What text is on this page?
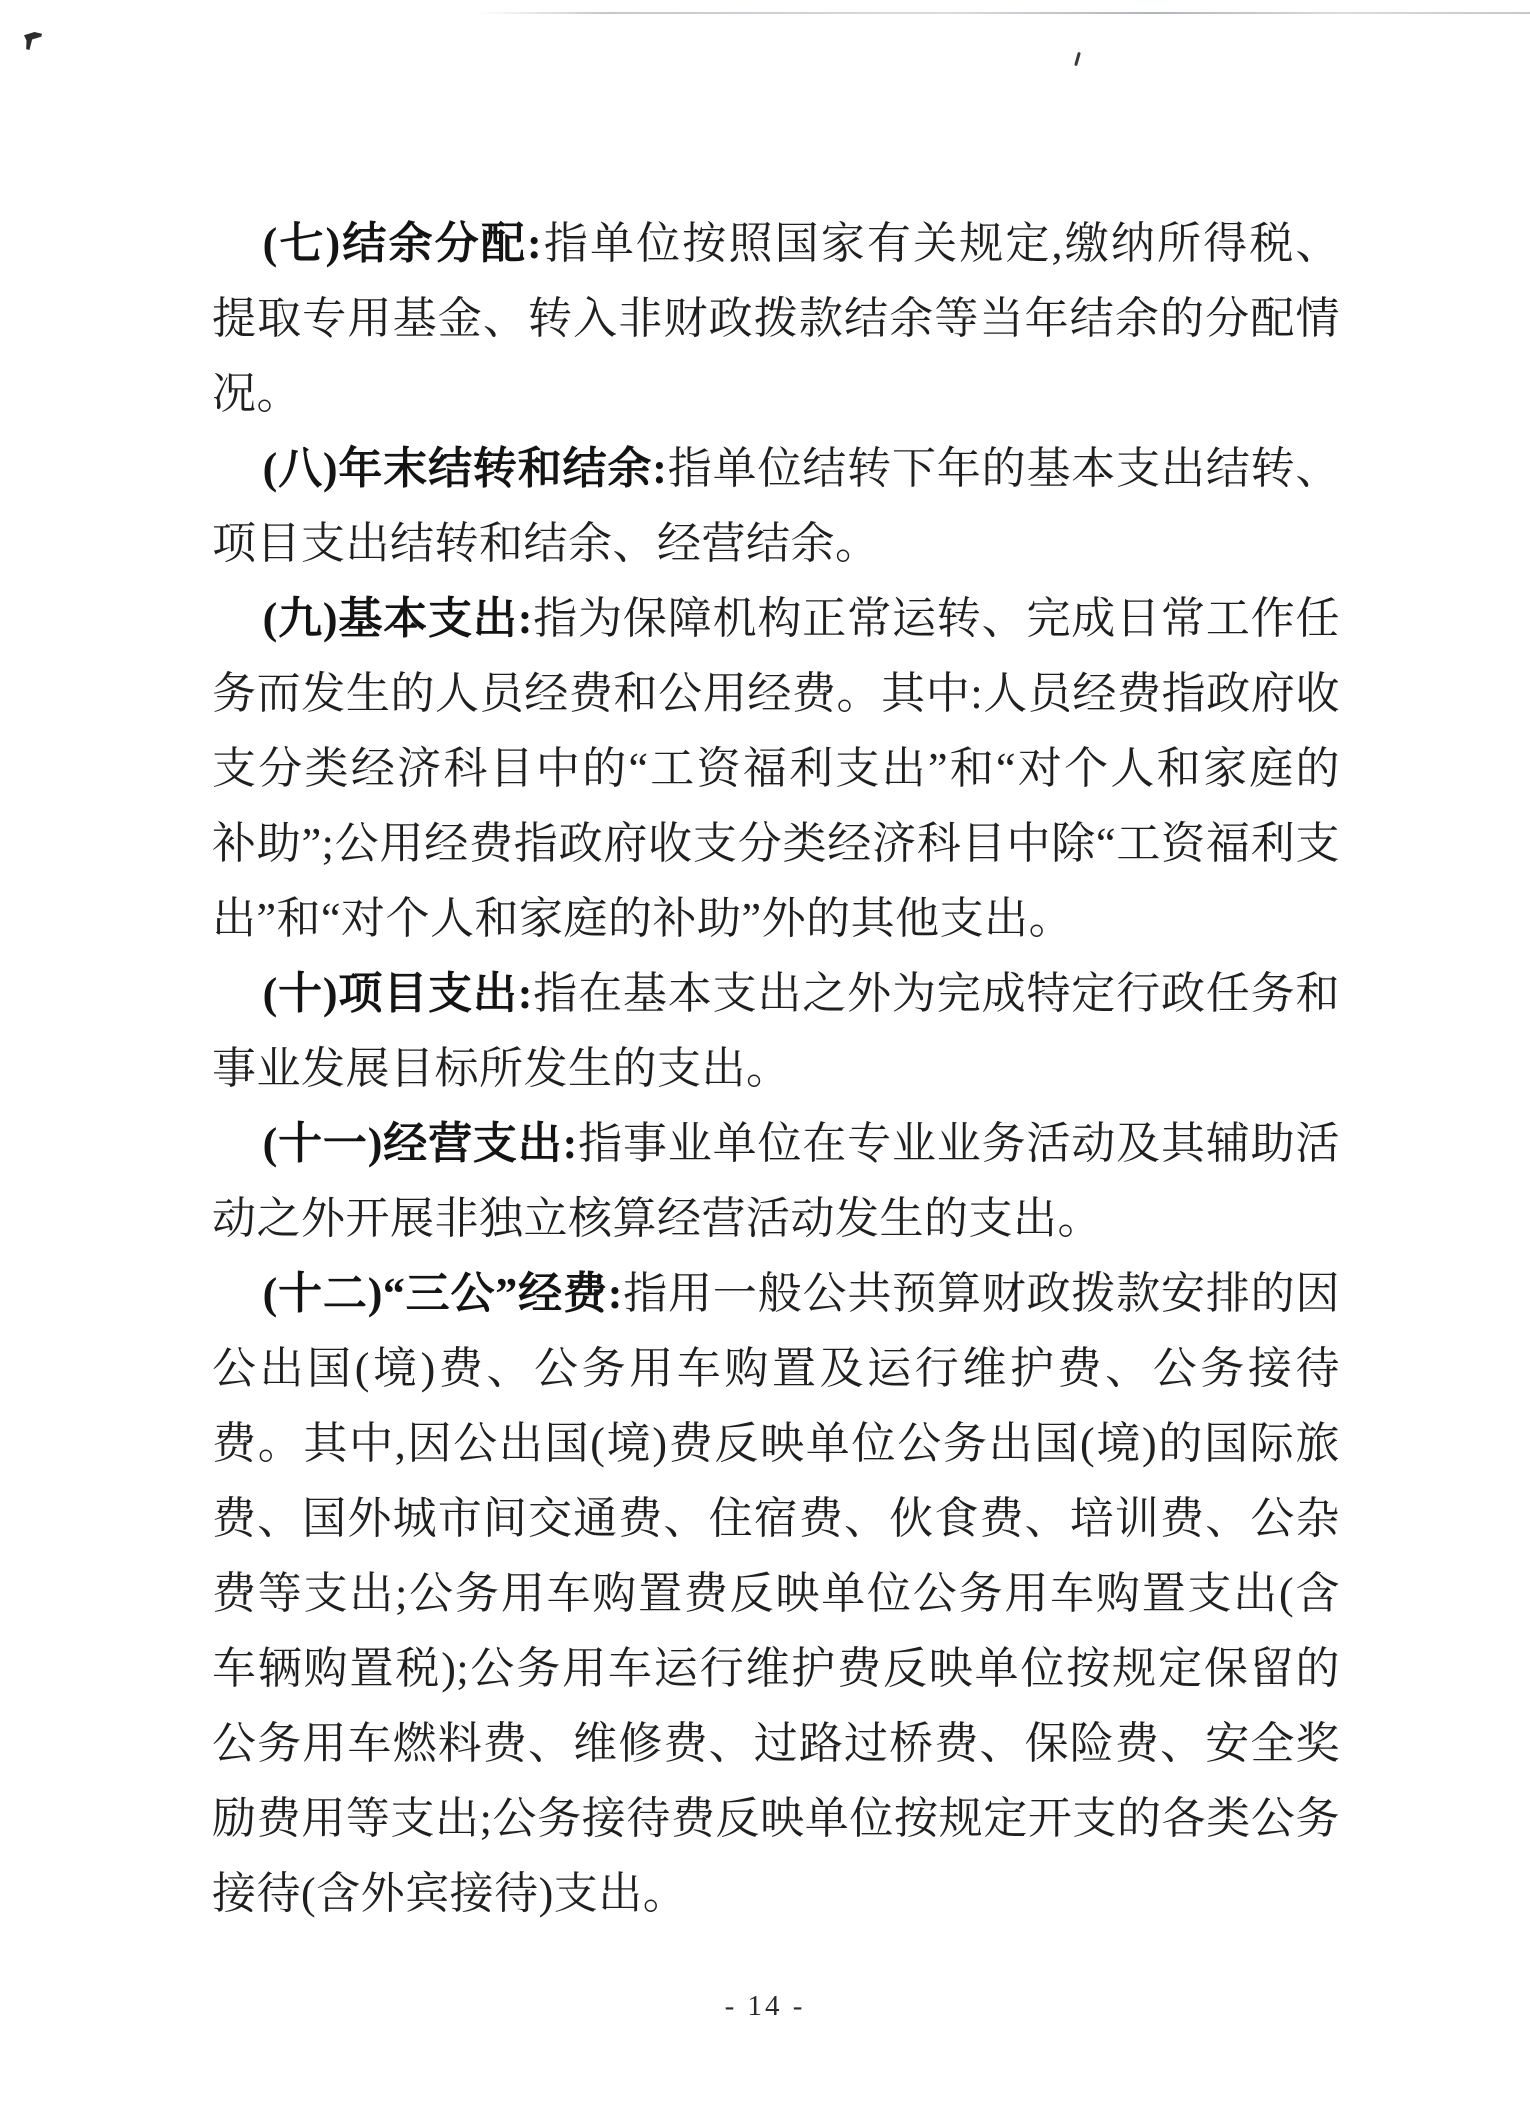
(七)结余分配:指单位按照国家有关规定,缴纳所得税、提取专用基金、转入非财政拨款结余等当年结余的分配情况。

(八)年末结转和结余:指单位结转下年的基本支出结转、项目支出结转和结余、经营结余。

(九)基本支出:指为保障机构正常运转、完成日常工作任务而发生的人员经费和公用经费。其中:人员经费指政府收支分类经济科目中的“工资福利支出”和“对个人和家庭的补助”;公用经费指政府收支分类经济科目中除“工资福利支出”和“对个人和家庭的补助”外的其他支出。

(十)项目支出:指在基本支出之外为完成特定行政任务和事业发展目标所发生的支出。

(十一)经营支出:指事业单位在专业业务活动及其辅助活动之外开展非独立核算经营活动发生的支出。

(十二)“三公”经费:指用一般公共预算财政拨款安排的因公出国(境)费、公务用车购置及运行维护费、公务接待费。其中,因公出国(境)费反映单位公务出国(境)的国际旅费、国外城市间交通费、住宿费、伙食费、培训费、公杂费等支出;公务用车购置费反映单位公务用车购置支出(含车辆购置税);公务用车运行维护费反映单位按规定保留的公务用车燃料费、维修费、过路过桥费、保险费、安全奖励费用等支出;公务接待费反映单位按规定开支的各类公务接待(含外宾接待)支出。

- 14 -
